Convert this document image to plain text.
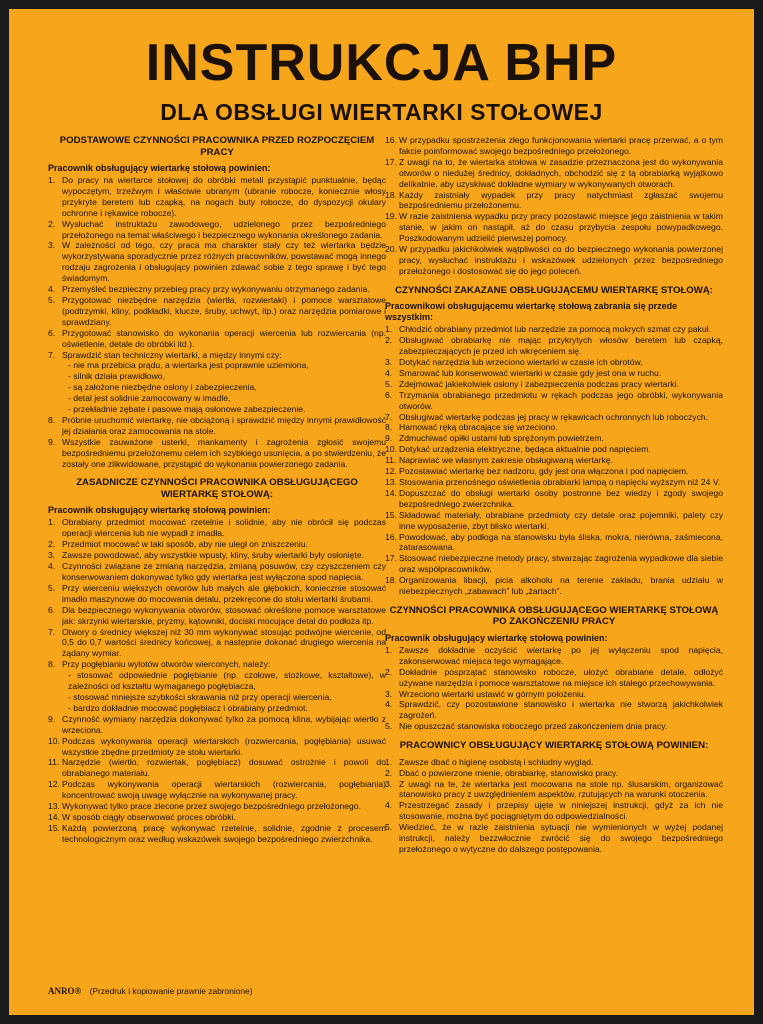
INSTRUKCJA BHP
DLA OBSŁUGI WIERTARKI STOŁOWEJ
PODSTAWOWE CZYNNOŚCI PRACOWNIKA PRZED ROZPOCZĘCIEM PRACY

Pracownik obsługujący wiertarkę stołową powinien:

1. Do pracy na wiertarce stołowej do obróbki metali przystąpić punktualnie, będąc wypoczętym, trzeźwym i właściwie ubranym (ubranie robocze, koniecznie włosy przykryte beretem lub czapką, na nogach buty robocze, do dyspozycji okulary ochronne i rękawice robocze).
2. Wysłuchać instruktażu zawodowego, udzielonego przez bezpośredniego przełożonego na temat właściwego i bezpiecznego wykonania określonego zadania.
3. W zależności od tego, czy praca ma charakter stały czy też wiertarka będzie wykorzystywana sporadycznie przez różnych pracowników, powstawać mogą innego rodzaju zagrożenia i obsługujący powinien zdawać sobie z tego sprawę i być tego świadomym.
4. Przemyśleć bezpieczny przebieg pracy przy wykonywaniu otrzymanego zadania.
5. Przygotować niezbędne narzędzia (wiertła, rozwiertaki) i pomoce warsztatowe (podtrzymki, kliny, podkładki, klucze, śruby, uchwyt, itp.) oraz narzędzia pomiarowe i sprawdziany.
6. Przygotować stanowisko do wykonania operacji wiercenia lub rozwiercania (np. oświetlenie, detale do obróbki itd.).
7. Sprawdzić stan techniczny wiertarki, a między innymi czy:
- nie ma przebicia prądu, a wiertarka jest poprawnie uziemiona,
- silnik działa prawidłowo,
- są założone niezbędne osłony i zabezpieczenia,
- detal jest solidnie zamocowany w imadle,
- przekładnie zębate i pasowe mają osłonowe zabezpieczenie.
8. Próbnie uruchomić wiertarkę, nie obciążoną i sprawdzić między innymi prawidłowość jej działania oraz zamocowania na stole.
9. Wszystkie zauważone usterki, mankamenty i zagrożenia zgłosić swojemu bezpośredniemu przełożonemu celem ich szybkiego usunięcia, a po stwierdzeniu, że zostały one zlikwidowane, przystąpić do wykonania powierzonego zadania.
ZASADNICZE CZYNNOŚCI PRACOWNIKA OBSŁUGUJĄCEGO WIERTARKĘ STOŁOWĄ:

Pracownik obsługujący wiertarkę stołową powinien:

1. Obrabiany przedmiot mocować rzetelnie i solidnie, aby nie obrócił się podczas operacji wiercenia lub nie wypadł z imadła.
2. Przedmiot mocować w taki sposób, aby nie uległ on zniszczeniu.
3. Zawsze powodować, aby wszystkie wpusty, kliny, śruby wiertarki były osłonięte.
4. Czynności związane ze zmianą narzędzia, zmianą posuwów, czy czyszczeniem czy konserwowaniem dokonywać tylko gdy wiertarka jest wyłączona spod napięcia.
5. Przy wierceniu większych otworów lub małych ale głębokich, koniecznie stosować imadło maszynowe do mocowania detalu, przekręcone do stołu wiertarki śrubami.
6. Dla bezpiecznego wykonywania otworów, stosować określone pomoce warsztatowe jak: skrzynki wiertarskie, pryzmy, kątowniki, dociski mocujące detal do podłoża itp.
7. Otwory o średnicy większej niż 30 mm wykonywać stosując podwójne wiercenie, od 0,5 do 0,7 wartości średnicy końcowej, a następnie dokonać drugiego wiercenia na żądany wymiar.
8. Przy pogłębianiu wylotów otworów wierconych, należy:
- stosować odpowiednie pogłębianie (np. czołowe, stożkowe, kształtowe), w zależności od kształtu wymaganego pogłębiacza,
- stosować mniejsze szybkości skrawania niż przy operacji wiercenia,
- bardzo dokładnie mocować pogłębiacz i obrabiany przedmiot.
9. Czynność wymiany narzędzia dokonywać tylko za pomocą klina, wybijając wiertło z wrzeciona.
10. Podczas wykonywania operacji wiertarskich (rozwiercania, pogłębiania) usuwać wszystkie zbędne przedmioty ze stołu wiertarki.
11. Narzędzie (wiertło, rozwiertak, pogłębiacz) dosuwać ostrożnie i powoli do obrabianego materiału.
12. Podczas wykonywania operacji wiertarskich (rozwiercania, pogłębiania) koncentrować swoją uwagę wyłącznie na wykonywanej pracy.
13. Wykonywać tylko prace zlecone przez swojego bezpośredniego przełożonego.
14. W sposób ciągły obserwować proces obróbki.
15. Każdą powierzoną pracę wykonywać rzetelnie, solidnie, zgodnie z procesem technologicznym oraz według wskazówek swojego bezpośredniego zwierzchnika.
16. W przypadku spostrzeżenia złego funkcjonowania wiertarki pracę przerwać, a o tym fakcie poinformować swojego bezpośredniego przełożonego.
17. Z uwagi na to, że wiertarka stołowa w zasadzie przeznaczona jest do wykonywania otworów o niedużej średnicy, dokładnych, obchodzić się z tą obrabiarką wyjątkowo delikatnie, aby uzyskiwać dokładne wymiary w wykonywanych otworach.
18. Każdy zaistniały wypadek przy pracy natychmiast zgłaszać swojemu bezpośredniemu przełożonemu.
19. W razie zaistnienia wypadku przy pracy pozostawić miejsce jego zaistnienia w takim stanie, w jakim on nastąpił, aż do czasu przybycia zespołu powypadkowego. Poszkodowanym udzielić pierwszej pomocy.
20. W przypadku jakichkolwiek wątpliwości co do bezpiecznego wykonania powierzonej pracy, wysłuchać instruktażu i wskazówek udzielonych przez bezpośredniego przełożonego i dostosować się do jego poleceń.
CZYNNOŚCI ZAKAZANE OBSŁUGUJĄCEMU WIERTARKĘ STOŁOWĄ:

Pracownikowi obsługującemu wiertarkę stołową zabrania się przede wszystkim:

1. Chłodzić obrabiany przedmiot lub narzędzie za pomocą mokrych szmat czy pakuł.
2. Obsługiwać obrabiarkę nie mając przykrytych włosów beretem lub czapką, zabezpieczających je przed ich wkręceniem się.
3. Dotykać narzędzia lub wrzeciono wiertarki w czasie ich obrotów,
4. Smarować lub konserwować wiertarki w czasie gdy jest ona w ruchu.
5. Zdejmować jakiekolwiek osłony i zabezpieczenia podczas pracy wiertarki.
6. Trzymania obrabianego przedmiotu w rękach podczas jego obróbki, wykonywania otworów.
7. Obsługiwać wiertarkę podczas jej pracy w rękawicach ochronnych lub roboczych.
8. Hamować ręką obracające się wrzeciono.
9. Zdmuchiwać opiłki ustami lub sprężonym powietrzem.
10. Dotykać urządzenia elektryczne, będąca aktualnie pod napięciem.
11. Naprawiać we własnym zakresie obsługiwaną wiertarkę.
12. Pozostawiać wiertarkę bez nadzoru, gdy jest ona włączona i pod napięciem.
13. Stosowania przenośnego oświetlenia obrabiarki lampą o napięciu wyższym niż 24 V.
14. Dopuszczać do obsługi wiertarki osoby postronne bez wiedzy i zgody swojego bezpośredniego zwierzchnika.
15. Składować materiały, obrabiane przedmioty czy detale oraz pojemniki, palety czy inne wyposażenie, zbyt blisko wiertarki.
16. Powodować, aby podłoga na stanowisku była śliska, mokra, nierówna, zaśmiecona, zatarasowana.
17. Stosować niebezpieczne metody pracy, stwarzając zagrożenia wypadkowe dla siebie oraz współpracowników.
18. Organizowania libacji, picia alkoholu na terenie zakładu, brania udziału w niebezpiecznych „zabawach” lub „żartach”.
CZYNNOŚCI PRACOWNIKA OBSŁUGUJĄCEGO WIERTARKĘ STOŁOWĄ PO ZAKOŃCZENIU PRACY

Pracownik obsługujący wiertarkę stołową powinien:

1. Zawsze dokładnie oczyścić wiertarkę po jej wyłączeniu spod napięcia, zakonserwować miejsca tego wymagające.
2. Dokładnie posprzątać stanowisko robocze, ułożyć obrabiane detale, odłożyć używane narzędzia i pomoce warsztatowe na miejsce ich stałego przechowywania.
3. Wrzeciono wiertarki ustawić w górnym położeniu.
4. Sprawdzić, czy pozostawione stanowisko i wiertarka nie stworzą jakichkolwiek zagrożeń.
5. Nie opuszczać stanowiska roboczego przed zakończeniem dnia pracy.
PRACOWNICY OBSŁUGUJĄCY WIERTARKĘ STOŁOWĄ POWINIEN:
1. Zawsze dbać o higienę osobistą i schludny wygląd.
2. Dbać o powierzone mienie, obrabiarkę, stanowisko pracy.
3. Z uwagi na te, że wiertarka jest mocowana na stole np. ślusarskim, organizować stanowisko pracy z uwzględnieniem aspektów, rzutujących na warunki otoczenia.
4. Przestrzegać zasady i przepisy ujęte w niniejszej instrukcji, gdyż za ich nie stosowanie, można być pociągniętym do odpowiedzialności.
5. Wiedzieć, że w razie zaistnienia sytuacji nie wymienionych w wyżej podanej instrukcji, należy bezzwłocznie zwrócić się do swojego bezpośredniego przełożonego o wytyczne do dalszego postępowania.
ANRO® (Przedruk i kopiowanie prawnie zabronione)
